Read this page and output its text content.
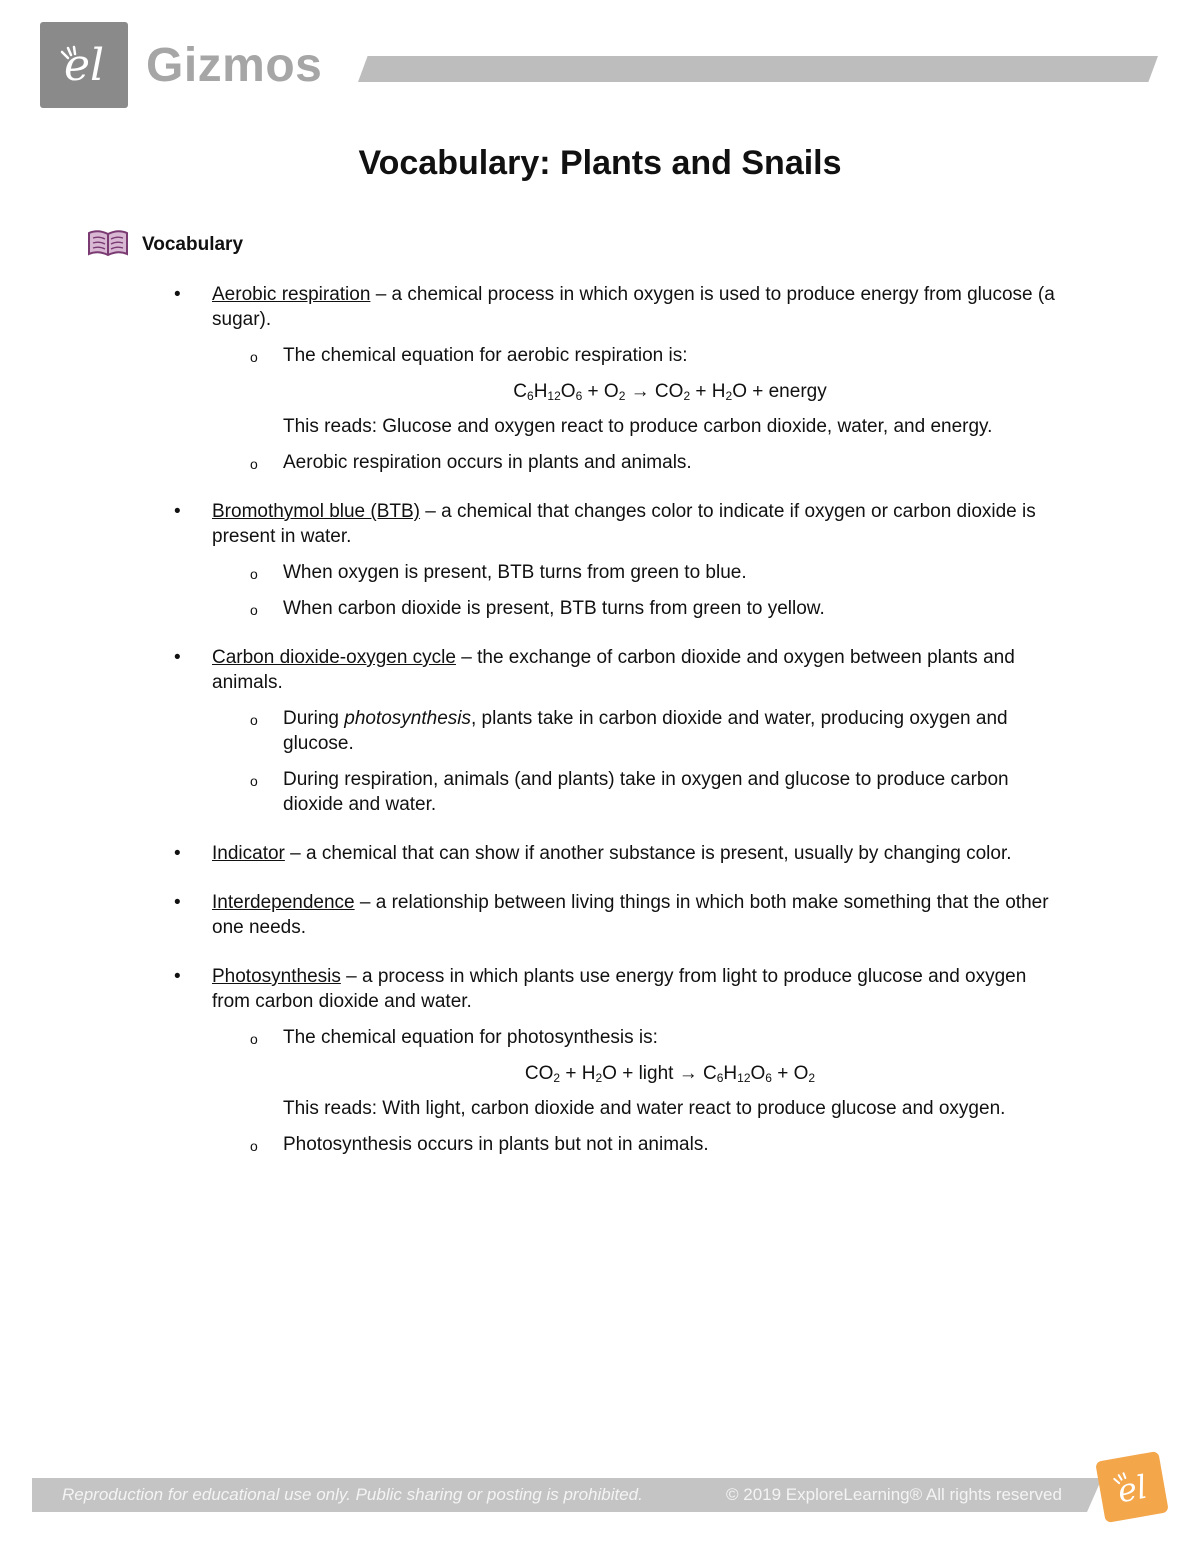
el Gizmos
Vocabulary: Plants and Snails
Vocabulary
• Aerobic respiration – a chemical process in which oxygen is used to produce energy from glucose (a sugar).
o The chemical equation for aerobic respiration is:
$C_6H_{12}O_6 + O_2 \to CO_2 + H_2O$ + energy
This reads: Glucose and oxygen react to produce carbon dioxide, water, and energy.
o Aerobic respiration occurs in plants and animals.
• Bromothymol blue (BTB) – a chemical that changes color to indicate if oxygen or carbon dioxide is present in water.
o When oxygen is present, BTB turns from green to blue.
o When carbon dioxide is present, BTB turns from green to yellow.
• Carbon dioxide-oxygen cycle – the exchange of carbon dioxide and oxygen between plants and animals.
o During photosynthesis, plants take in carbon dioxide and water, producing oxygen and glucose.
o During respiration, animals (and plants) take in oxygen and glucose to produce carbon dioxide and water.
• Indicator – a chemical that can show if another substance is present, usually by changing color.
• Interdependence – a relationship between living things in which both make something that the other one needs.
• Photosynthesis – a process in which plants use energy from light to produce glucose and oxygen from carbon dioxide and water.
o The chemical equation for photosynthesis is:
$CO_2 + H_2O$ + light → $C_6H_{12}O_6 + O_2$
This reads: With light, carbon dioxide and water react to produce glucose and oxygen.
o Photosynthesis occurs in plants but not in animals.
Reproduction for educational use only. Public sharing or posting is prohibited.	© 2019 ExploreLearning® All rights reserved el
